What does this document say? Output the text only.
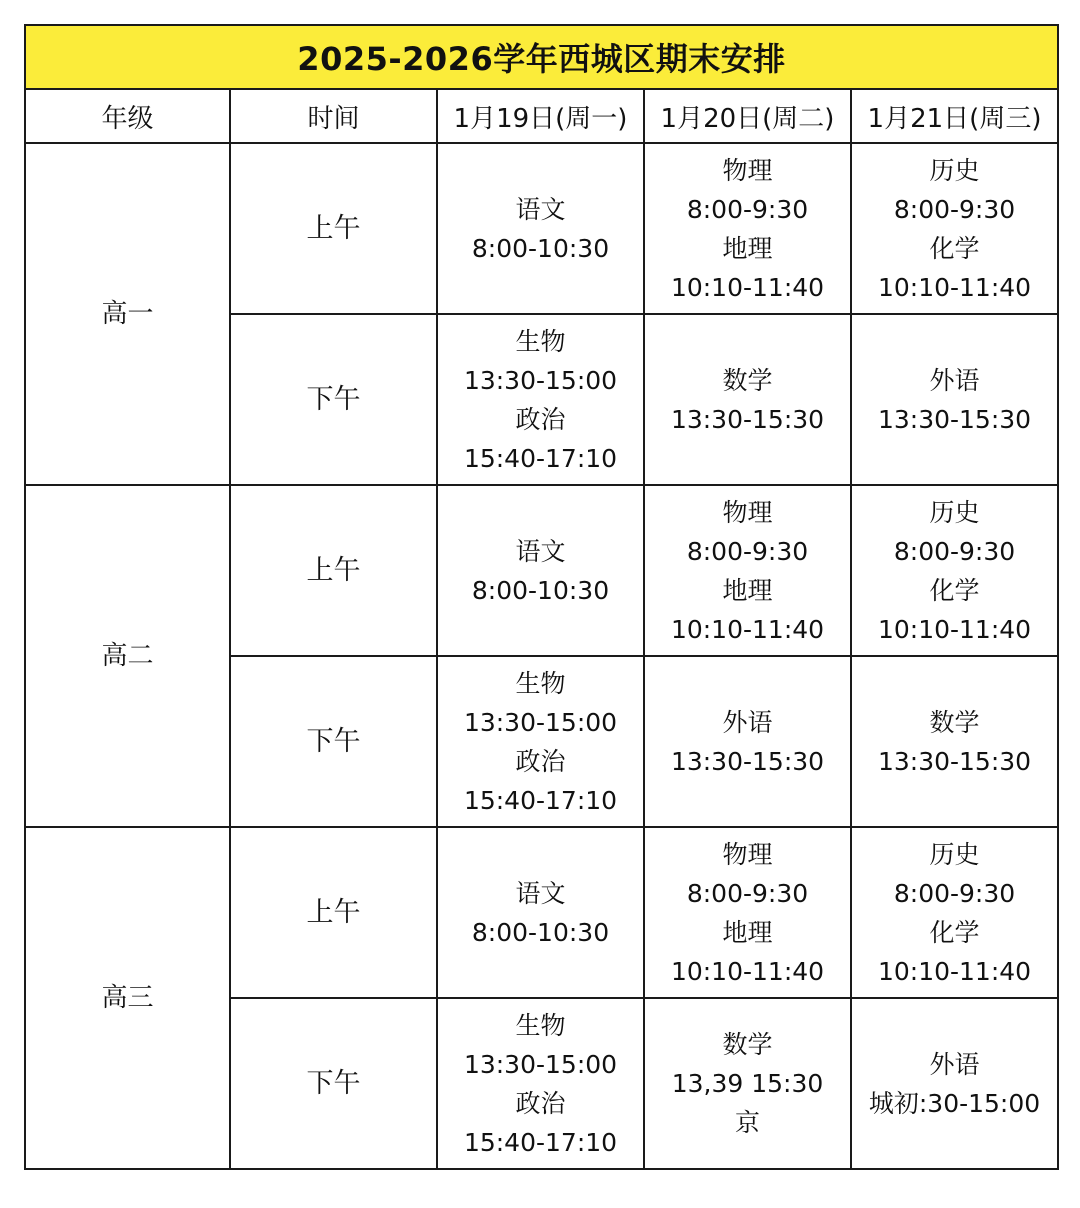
2025-2026学年西城区期末安排				
年级	时间	1月19日(周一)	1月20日(周二)	1月21日(周三)
高一	上午	语文
8:00-10:30	物理
8:00-9:30
地理
10:10-11:40	历史
8:00-9:30
化学
10:10-11:40

	下午	生物
13:30-15:00
政治
15:40-17:10	数学
13:30-15:30	外语
13:30-15:30

高二	上午	语文
8:00-10:30	物理
8:00-9:30
地理
10:10-11:40	历史
8:00-9:30
化学
10:10-11:40

	下午	生物
13:30-15:00
政治
15:40-17:10	外语
13:30-15:30	数学
13:30-15:30

高三	上午	语文
8:00-10:30	物理
8:00-9:30
地理
10:10-11:40	历史
8:00-9:30
化学
10:10-11:40

	下午	生物
13:30-15:00
政治
15:40-17:10	数学
13,39 15:30
京	外语
城初:30-15:00
